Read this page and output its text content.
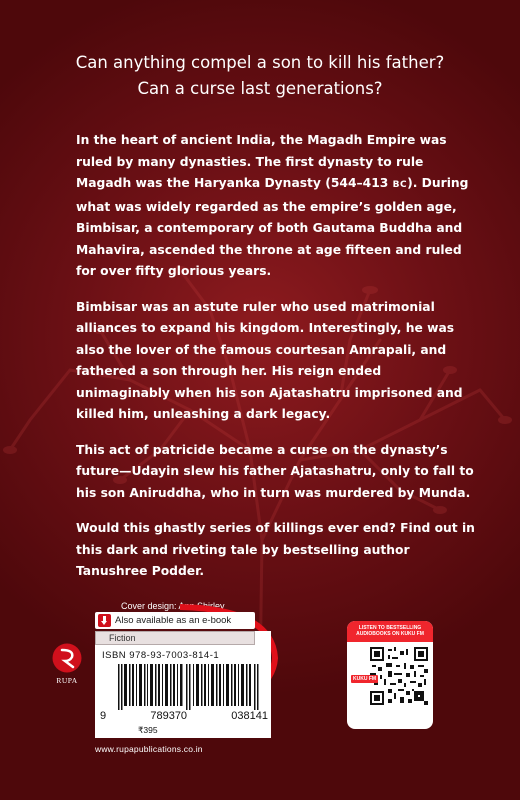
Can anything compel a son to kill his father?
Can a curse last generations?

In the heart of ancient India, the Magadh Empire was ruled by many dynasties. The first dynasty to rule Magadh was the Haryanka Dynasty (544–413 BC). During what was widely regarded as the empire’s golden age, Bimbisar, a contemporary of both Gautama Buddha and Mahavira, ascended the throne at age fifteen and ruled for over fifty glorious years.

Bimbisar was an astute ruler who used matrimonial alliances to expand his kingdom. Interestingly, he was also the lover of the famous courtesan Amrapali, and fathered a son through her. His reign ended unimaginably when his son Ajatashatru imprisoned and killed him, unleashing a dark legacy.

This act of patricide became a curse on the dynasty’s future—Udayin slew his father Ajatashatru, only to fall to his son Aniruddha, who in turn was murdered by Munda.

Would this ghastly series of killings ever end? Find out in this dark and riveting tale by bestselling author Tanushree Podder.

Cover design: Ann Shirley
Also available as an e-book
Fiction
ISBN 978-93-7003-814-1
9	789370	038141
₹395
www.rupapublications.co.in
RUPA
LISTEN TO BESTSELLING AUDIOBOOKS ON KUKU FM
KUKU FM
